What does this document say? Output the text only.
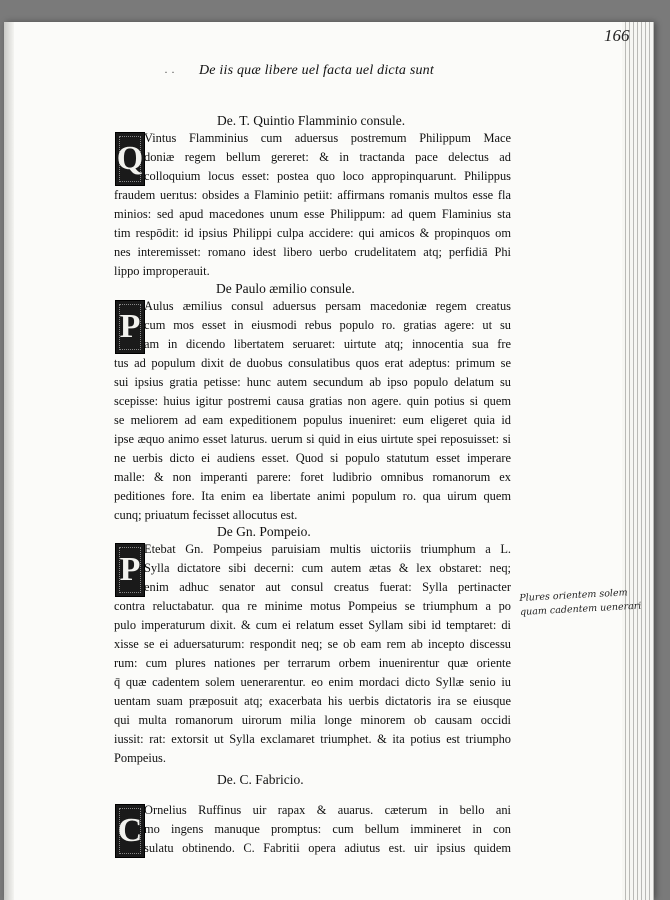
166
· · De iis quæ libere uel facta uel dicta sunt
De. T. Quintio Flamminio consule.
Q
Vintus Flamminius cum aduersus postremum Philippum Mace
doniæ regem bellum gereret: & in tractanda pace delectus ad
colloquium locus esset: postea quo loco appropinquarunt. Philippus
fraudem uerıtus: obsides a Flaminio petiit: affirmans romanis multos esse fla
minios: sed apud macedones unum esse Philippum: ad quem Flaminius sta
tim respōdit: id ipsius Philippi culpa accidere: qui amicos & propinquos om
nes interemisset: romano idest libero uerbo crudelitatem atq; perfidiā Phi
lippo improperauit.
De Paulo æmilio consule.
P
Aulus æmilius consul aduersus persam macedoniæ regem creatus
cum mos esset in eiusmodi rebus populo ro. gratias agere: ut su
am in dicendo libertatem seruaret: uirtute atq; innocentia sua fre
tus ad populum dixit de duobus consulatibus quos erat adeptus: primum se
sui ipsius gratia petisse: hunc autem secundum ab ipso populo delatum su
scepisse: huius igitur postremi causa gratias non agere. quin potius si quem
se meliorem ad eam expeditionem populus inueniret: eum eligeret quia id
ipse æquo animo esset laturus. uerum si quid in eius uirtute spei reposuisset: si
ne uerbis dicto ei audiens esset. Quod si populo statutum esset imperare
malle: & non imperanti parere: foret ludibrio omnibus romanorum ex
peditiones fore. Ita enim ea libertate animi populum ro. qua uirum quem
cunq; priuatum fecisset allocutus est.
De Gn. Pompeio.
P
Etebat Gn. Pompeius paruisiam multis uictoriis triumphum a L.
Sylla dictatore sibi decerni: cum autem ætas & lex obstaret: neq;
enim adhuc senator aut consul creatus fuerat: Sylla pertinacter
contra reluctabatur. qua re minime motus Pompeius se triumphum a po
pulo imperaturum dixit. & cum ei relatum esset Syllam sibi id temptaret: di
xisse se ei aduersaturum: respondit neq; se ob eam rem ab incepto discessu
rum: cum plures nationes per terrarum orbem inuenirentur quæ oriente
q̄ quæ cadentem solem uenerarentur. eo enim mordaci dicto Syllæ senio iu
uentam suam præposuit atq; exacerbata his uerbis dictatoris ira se eiusque
qui multa romanorum uirorum milia longe minorem ob causam occidi
iussit: rat: extorsit ut Sylla exclamaret triumphet. & ita potius est triumpho
Pompeius.
De. C. Fabricio.
C
Ornelius Ruffinus uir rapax & auarus. cæterum in bello ani
mo ingens manuque promptus: cum bellum immineret in con
sulatu obtinendo. C. Fabritii opera adiutus est. uir ipsius quidem
Plures orientem solem
quam cadentem uenerari
